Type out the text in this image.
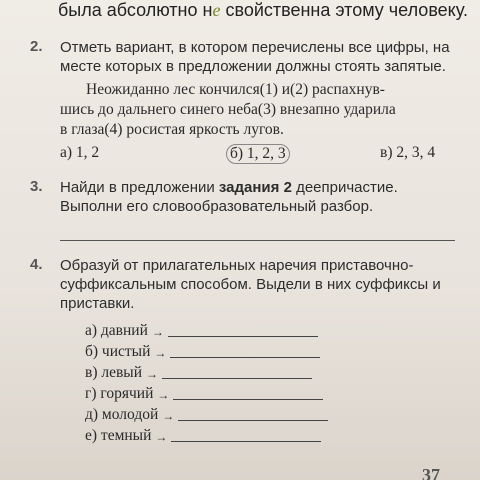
была абсолютно не свойственна этому человеку.
2. Отметь вариант, в котором перечислены все цифры, на месте которых в предложении должны стоять запятые.
Неожиданно лес кончился(1) и(2) распахнув-
шись до дальнего синего неба(3) внезапно ударила
в глаза(4) росистая яркость лугов.
а) 1, 2	б) 1, 2, 3	в) 2, 3, 4
3. Найди в предложении задания 2 деепричастие. Выполни его словообразовательный разбор.
4. Образуй от прилагательных наречия приставочно-суффиксальным способом. Выдели в них суффиксы и приставки.
а) давний →
б) чистый →
в) левый →
г) горячий →
д) молодой →
е) темный →
37
